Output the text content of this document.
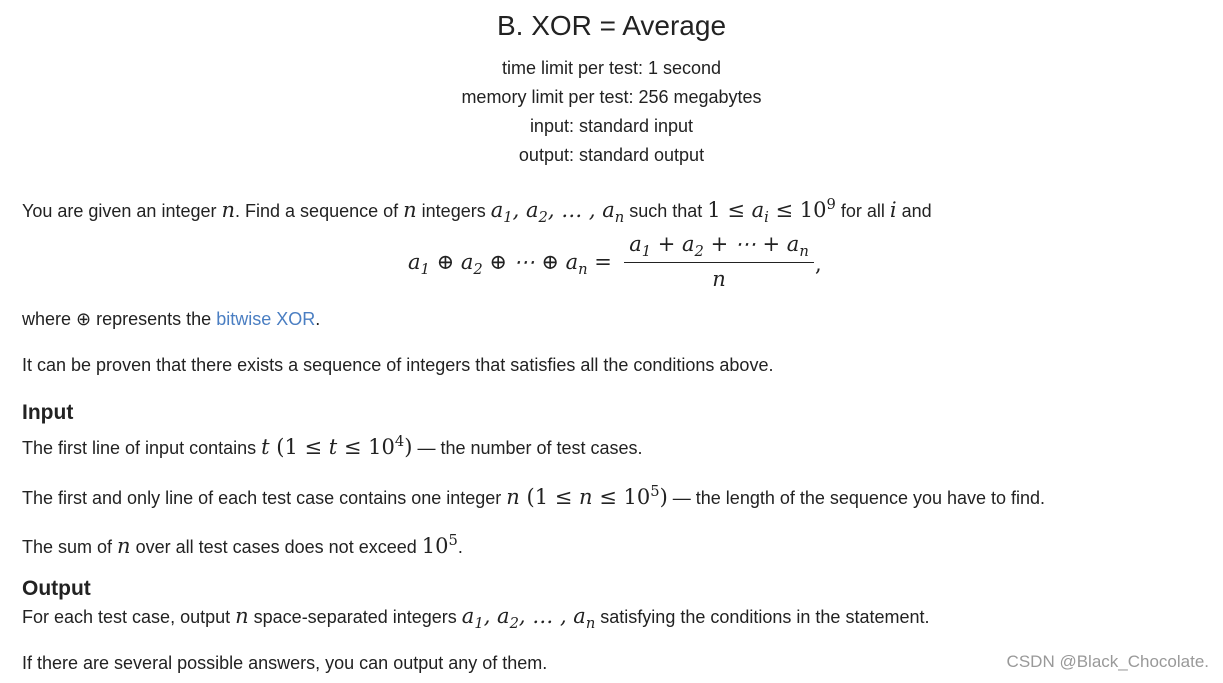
B. XOR = Average
time limit per test: 1 second
memory limit per test: 256 megabytes
input: standard input
output: standard output
You are given an integer n. Find a sequence of n integers $a_1$, $a_2$, … , $a_n$ such that $1 \le a_i \le 10^9$ for all i and
$a_1$ ⊕ $a_2$ ⊕ ⋯ ⊕ $a_n = \frac{a_1 + a_2 + \cdots + a_n}{n}$ ,
where ⊕ represents the bitwise XOR.
It can be proven that there exists a sequence of integers that satisfies all the conditions above.
Input
The first line of input contains t $(1 \le t \le 10^4)$ — the number of test cases.
The first and only line of each test case contains one integer n $(1 \le n \le 10^5)$ — the length of the sequence you have to find.
The sum of n over all test cases does not exceed $10^5$.
Output
For each test case, output n space-separated integers $a_1$, $a_2$, … , $a_n$ satisfying the conditions in the statement.
If there are several possible answers, you can output any of them.	CSDN @Black_Chocolate.
